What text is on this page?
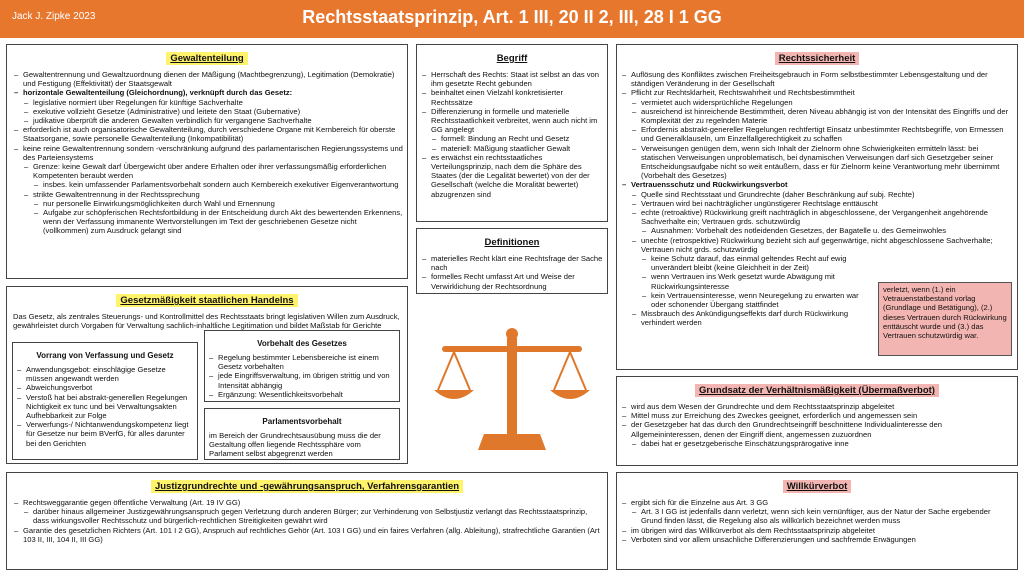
Jack J. Zipke 2023	Rechtsstaatsprinzip, Art. 1 III, 20 II 2, III, 28 I 1 GG
Gewaltenteilung
– Gewaltentrennung und Gewaltzuordnung dienen der Mäßigung (Machtbegrenzung), Legitimation (Demokratie) und Festigung (Effektivität) der Staatsgewalt
– horizontale Gewaltenteilung (Gleichordnung), verknüpft durch das Gesetz:
– legislative normiert über Regelungen für künftige Sachverhalte
– exekutive vollzieht Gesetze (Administrative) und leitete den Staat (Gubernative)
– judikative überprüft die anderen Gewalten verbindlich für vergangene Sachverhalte
– erforderlich ist auch organisatorische Gewaltenteilung, durch verschiedene Organe mit Kernbereich für oberste Staatsorgane, sowie personelle Gewaltenteilung (Inkompatibilität)
– keine reine Gewaltentrennung sondern -verschränkung aufgrund des parlamentarischen Regierungssystems und des Parteiensystems
– Grenze: keine Gewalt darf Übergewicht über andere Erhalten oder ihrer verfassungsmäßig erforderlichen Kompetenten beraubt werden
– insbes. kein umfassender Parlamentsvorbehalt sondern auch Kernbereich exekutiver Eigenverantwortung
– strikte Gewaltentrennung in der Rechtssprechung
– nur personelle Einwirkungsmöglichkeiten durch Wahl und Ernennung
– Aufgabe zur schöpferischen Rechtsfortbildung in der Entscheidung durch Akt des bewertenden Erkennens, wenn der Verfassung immanente Wertvorstellungen im Text der geschriebenen Gesetze nicht (vollkommen) zum Ausdruck gelangt sind
Gesetzmäßigkeit staatlichen Handelns
Das Gesetz, als zentrales Steuerungs- und Kontrollmittel des Rechtsstaats bringt legislativen Willen zum Ausdruck, gewährleistet durch Vorgaben für Verwaltung sachlich-inhaltliche Legitimation und bildet Maßstab für Gerichte
Vorrang von Verfassung und Gesetz
– Anwendungsgebot: einschlägige Gesetze müssen angewandt werden
– Abweichungsverbot
– Verstoß hat bei abstrakt-generellen Regelungen Nichtigkeit ex tunc und bei Verwaltungsakten Aufhebbarkeit zur Folge
– Verwerfungs-/ Nichtanwendungskompetenz liegt für Gesetze nur beim BVerfG, für alles darunter bei den Gerichten
Vorbehalt des Gesetzes
– Regelung bestimmter Lebensbereiche ist einem Gesetz vorbehalten
– jede Eingriffsverwaltung, im übrigen strittig und von Intensität abhängig
– Ergänzung: Wesentlichkeitsvorbehalt
Parlamentsvorbehalt
im Bereich der Grundrechtsausübung muss die der Gestaltung offen liegende Rechtssphäre vom Parlament selbst abgegrenzt werden
Begriff
– Herrschaft des Rechts: Staat ist selbst an das von ihm gesetzte Recht gebunden
– beinhaltet einen Vielzahl konkretisierter Rechtssätze
– Differenzierung in formelle und materielle Rechtsstaatlichkeit verbreitet, wenn auch nicht im GG angelegt
– formell: Bindung an Recht und Gesetz
– materiell: Mäßigung staatlicher Gewalt
– es erwächst ein rechtsstaatliches Verteilungsprinzip, nach dem die Sphäre des Staates (der die Legalität bewertet) von der der Gesellschaft (welche die Moralität bewertet) abzugrenzen sind
Definitionen
– materielles Recht klärt eine Rechtsfrage der Sache nach
– formelles Recht umfasst Art und Weise der Verwirklichung der Rechtsordnung
Rechtssicherheit
– Auflösung des Konfliktes zwischen Freiheitsgebrauch in Form selbstbestimmter Lebensgestaltung und der ständigen Veränderung in der Gesellschaft
– Pflicht zur Rechtsklarheit, Rechtswahrheit und Rechtsbestimmtheit
– vermietet auch widersprüchliche Regelungen
– ausreichend ist hinreichende Bestimmtheit, deren Niveau abhängig ist von der Intensität des Eingriffs und der Komplexität der zu regelnden Materie
– Erfordernis abstrakt-genereller Regelungen rechtfertigt Einsatz unbestimmter Rechtsbegriffe, von Ermessen und Generalklauseln, um Einzelfallgerechtigkeit zu schaffen
– Verweisungen genügen dem, wenn sich Inhalt der Zielnorm ohne Schwierigkeiten ermitteln lässt: bei statischen Verweisungen unproblematisch, bei dynamischen Verweisungen darf sich Gesetzgeber seiner Entscheidungsaufgabe nicht so weit entäußern, dass er für Zielnorm keine Verantwortung mehr übernimmt (Vorbehalt des Gesetzes)
– Vertrauensschutz und Rückwirkungsverbot
– Quelle sind Rechtsstaat und Grundrechte (daher Beschränkung auf subj. Rechte)
– Vertrauen wird bei nachträglicher ungünstigerer Rechtslage enttäuscht
– echte (retroaktive) Rückwirkung greift nachträglich in abgeschlossene, der Vergangenheit angehörende Sachverhalte ein; Vertrauen grds. schutzwürdig
– Ausnahmen: Vorbehalt des notleidenden Gesetzes, der Bagatelle u. des Gemeinwohles
– unechte (retrospektive) Rückwirkung bezieht sich auf gegenwärtige, nicht abgeschlossene Sachverhalte; Vertrauen nicht grds. schutzwürdig
– keine Schutz darauf, das einmal geltendes Recht auf ewig unverändert bleibt (keine Gleichheit in der Zeit)
– wenn Vertrauen ins Werk gesetzt wurde Abwägung mit Rückwirkungsinteresse
– kein Vertrauensinteresse, wenn Neuregelung zu erwarten war oder schonender Übergang stattfindet
– Missbrauch des Ankündigungseffekts darf durch Rückwirkung verhindert werden
verletzt, wenn (1.) ein Vetrauenstatbestand vorlag (Grundlage und Betätigung), (2.) dieses Vertrauen durch Rückwirkung enttäuscht wurde und (3.) das Vertrauen schutzwürdig war.
Grundsatz der Verhältnismäßigkeit (Übermaßverbot)
– wird aus dem Wesen der Grundrechte und dem Rechtsstaatsprinzip abgeleitet
– Mittel muss zur Erreichung des Zweckes geeignet, erforderlich und angemessen sein
– der Gesetzgeber hat das durch den Grundrechtseingriff beschnittene Individualinteresse den Allgemeininteressen, denen der Eingriff dient, angemessen zuzuordnen
– dabei hat er gesetzgeberische Einschätzungsprärogative inne
Justizgrundrechte und -gewährungsanspruch, Verfahrensgarantien
– Rechtsweggarantie gegen öffentliche Verwaltung (Art. 19 IV GG)
– darüber hinaus allgemeiner Justizgewährungsanspruch gegen Verletzung durch anderen Bürger; zur Verhinderung von Selbstjustiz verlangt das Rechtsstaatsprinzip, dass wirkungsvoller Rechtsschutz und bürgerlich-rechtlichen Streitigkeiten gewährt wird
– Garantie des gesetzlichen Richters (Art. 101 I 2 GG), Anspruch auf rechtliches Gehör (Art. 103 I GG) und ein faires Verfahren (allg. Ableitung), strafrechtliche Garantien (Art 103 II, III, 104 II, III GG)
Willkürverbot
– ergibt sich für die Einzelne aus Art. 3 GG
– Art. 3 I GG ist jedenfalls dann verletzt, wenn sich kein vernünftiger, aus der Natur der Sache ergebender Grund finden lässt, die Regelung also als willkürlich bezeichnet werden muss
– im übrigen wird das Willkürverbot als dem Rechtsstaatsprinzip abgeleitet
– Verboten sind vor allem unsachliche Differenzierungen und sachfremde Erwägungen
